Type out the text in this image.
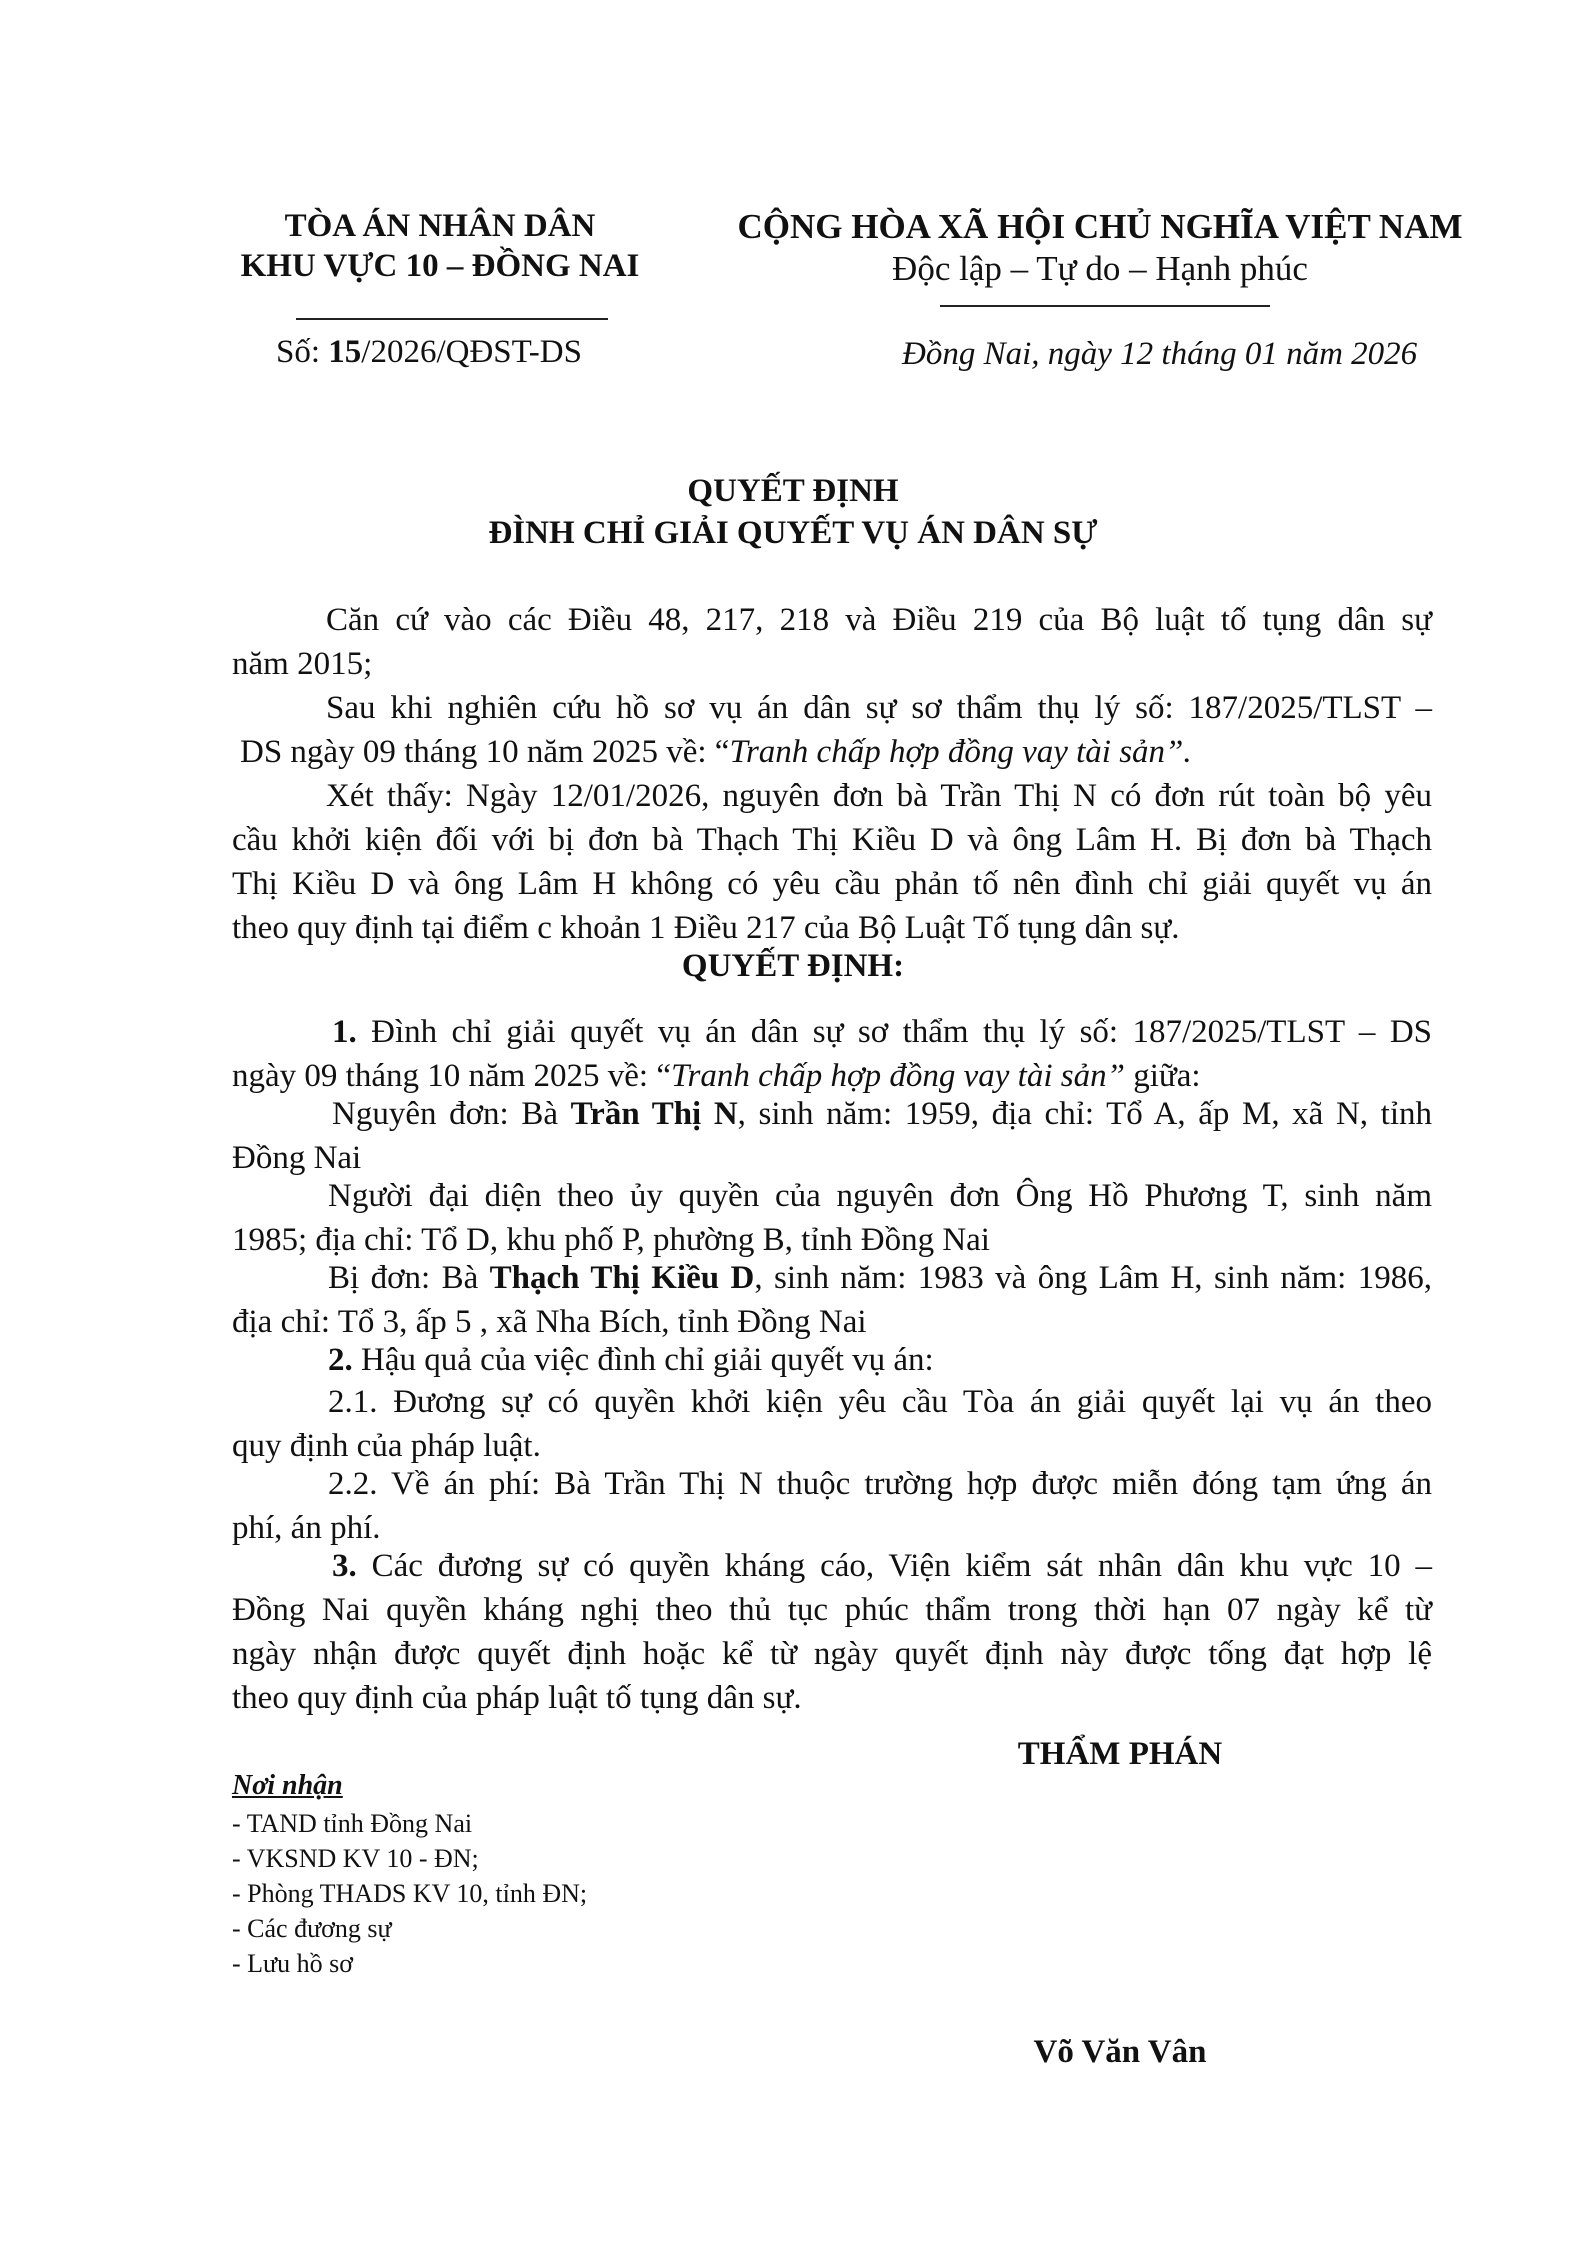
TÒA ÁN NHÂN DÂN
KHU VỰC 10 – ĐỒNG NAI
Số: 15/2026/QĐST-DS
CỘNG HÒA XÃ HỘI CHỦ NGHĨA VIỆT NAM
Độc lập – Tự do – Hạnh phúc
Đồng Nai, ngày 12 tháng 01 năm 2026
QUYẾT ĐỊNH
ĐÌNH CHỈ GIẢI QUYẾT VỤ ÁN DÂN SỰ
Căn cứ vào các Điều 48, 217, 218 và Điều 219 của Bộ luật tố tụng dân sự
năm 2015;
Sau khi nghiên cứu hồ sơ vụ án dân sự sơ thẩm thụ lý số: 187/2025/TLST –
DS ngày 09 tháng 10 năm 2025 về: “Tranh chấp hợp đồng vay tài sản”.
Xét thấy: Ngày 12/01/2026, nguyên đơn bà Trần Thị N có đơn rút toàn bộ yêu
cầu khởi kiện đối với bị đơn bà Thạch Thị Kiều D và ông Lâm H. Bị đơn bà Thạch
Thị Kiều D và ông Lâm H không có yêu cầu phản tố nên đình chỉ giải quyết vụ án
theo quy định tại điểm c khoản 1 Điều 217 của Bộ Luật Tố tụng dân sự.
QUYẾT ĐỊNH:
1. Đình chỉ giải quyết vụ án dân sự sơ thẩm thụ lý số: 187/2025/TLST – DS
ngày 09 tháng 10 năm 2025 về: “Tranh chấp hợp đồng vay tài sản” giữa:
Nguyên đơn: Bà Trần Thị N, sinh năm: 1959, địa chỉ: Tổ A, ấp M, xã N, tỉnh
Đồng Nai
Người đại diện theo ủy quyền của nguyên đơn Ông Hồ Phương T, sinh năm
1985; địa chỉ: Tổ D, khu phố P, phường B, tỉnh Đồng Nai
Bị đơn: Bà Thạch Thị Kiều D, sinh năm: 1983 và ông Lâm H, sinh năm: 1986,
địa chỉ: Tổ 3, ấp 5 , xã Nha Bích, tỉnh Đồng Nai
2. Hậu quả của việc đình chỉ giải quyết vụ án:
2.1. Đương sự có quyền khởi kiện yêu cầu Tòa án giải quyết lại vụ án theo
quy định của pháp luật.
2.2. Về án phí: Bà Trần Thị N thuộc trường hợp được miễn đóng tạm ứng án
phí, án phí.
3. Các đương sự có quyền kháng cáo, Viện kiểm sát nhân dân khu vực 10 –
Đồng Nai quyền kháng nghị theo thủ tục phúc thẩm trong thời hạn 07 ngày kể từ
ngày nhận được quyết định hoặc kể từ ngày quyết định này được tống đạt hợp lệ
theo quy định của pháp luật tố tụng dân sự.
THẨM PHÁN
Nơi nhận
- TAND tỉnh Đồng Nai
- VKSND KV 10 - ĐN;
- Phòng THADS KV 10, tỉnh ĐN;
- Các đương sự
- Lưu hồ sơ
Võ Văn Vân
